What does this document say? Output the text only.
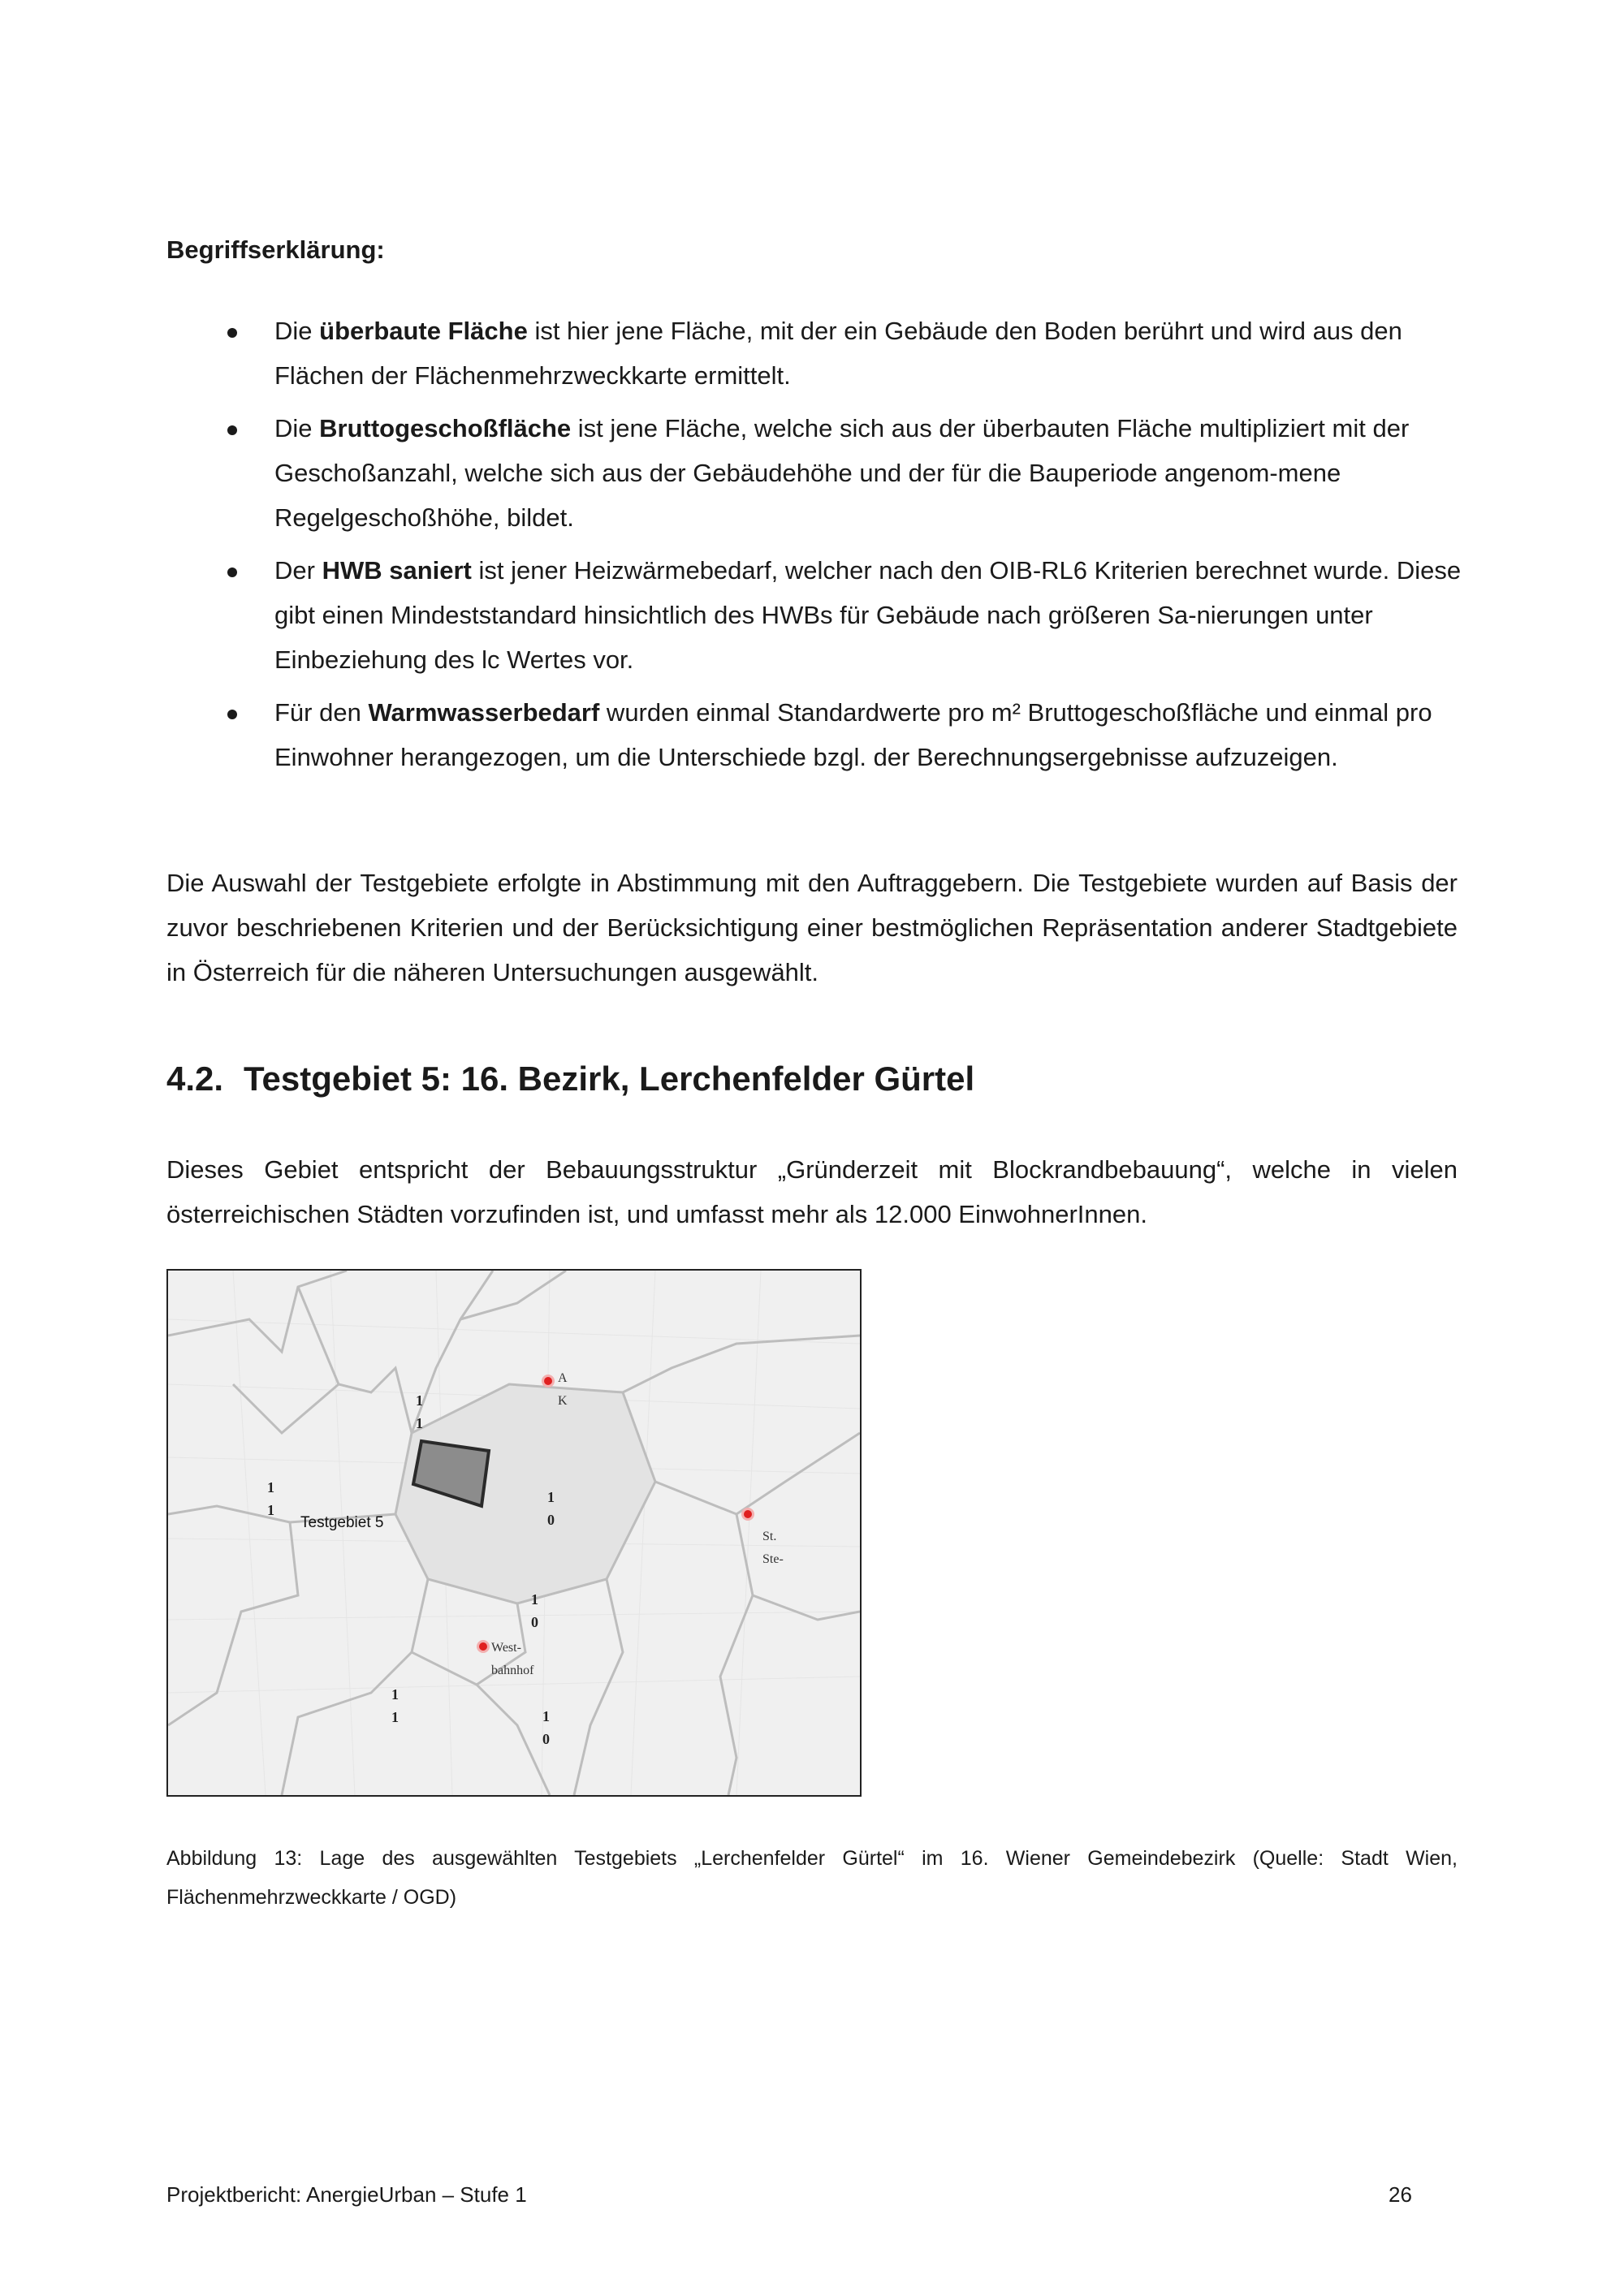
Begriffserklärung:
Die überbaute Fläche ist hier jene Fläche, mit der ein Gebäude den Boden berührt und wird aus den Flächen der Flächenmehrzweckkarte ermittelt.
Die Bruttogeschoßfläche ist jene Fläche, welche sich aus der überbauten Fläche multipliziert mit der Geschoßanzahl, welche sich aus der Gebäudehöhe und der für die Bauperiode angenom-mene Regelgeschoßhöhe, bildet.
Der HWB saniert ist jener Heizwärmebedarf, welcher nach den OIB-RL6 Kriterien berechnet wurde. Diese gibt einen Mindeststandard hinsichtlich des HWBs für Gebäude nach größeren Sa-nierungen unter Einbeziehung des lc Wertes vor.
Für den Warmwasserbedarf wurden einmal Standardwerte pro m² Bruttogeschoßfläche und einmal pro Einwohner herangezogen, um die Unterschiede bzgl. der Berechnungsergebnisse aufzuzeigen.
Die Auswahl der Testgebiete erfolgte in Abstimmung mit den Auftraggebern. Die Testgebiete wurden auf Basis der zuvor beschriebenen Kriterien und der Berücksichtigung einer bestmöglichen Repräsentation anderer Stadtgebiete in Österreich für die näheren Untersuchungen ausgewählt.
4.2. Testgebiet 5: 16. Bezirk, Lerchenfelder Gürtel
Dieses Gebiet entspricht der Bebauungsstruktur „Gründerzeit mit Blockrandbebauung“, welche in vielen österreichischen Städten vorzufinden ist, und umfasst mehr als 12.000 EinwohnerInnen.
1
1
1
1
1
0
1
0
1
1	1
0
Testgebiet 5
A
K
St.
Ste-
West-
bahnhof
Abbildung 13: Lage des ausgewählten Testgebiets „Lerchenfelder Gürtel“ im 16. Wiener Gemeindebezirk (Quelle: Stadt Wien, Flächenmehrzweckkarte / OGD)
Projektbericht: AnergieUrban – Stufe 1	26
